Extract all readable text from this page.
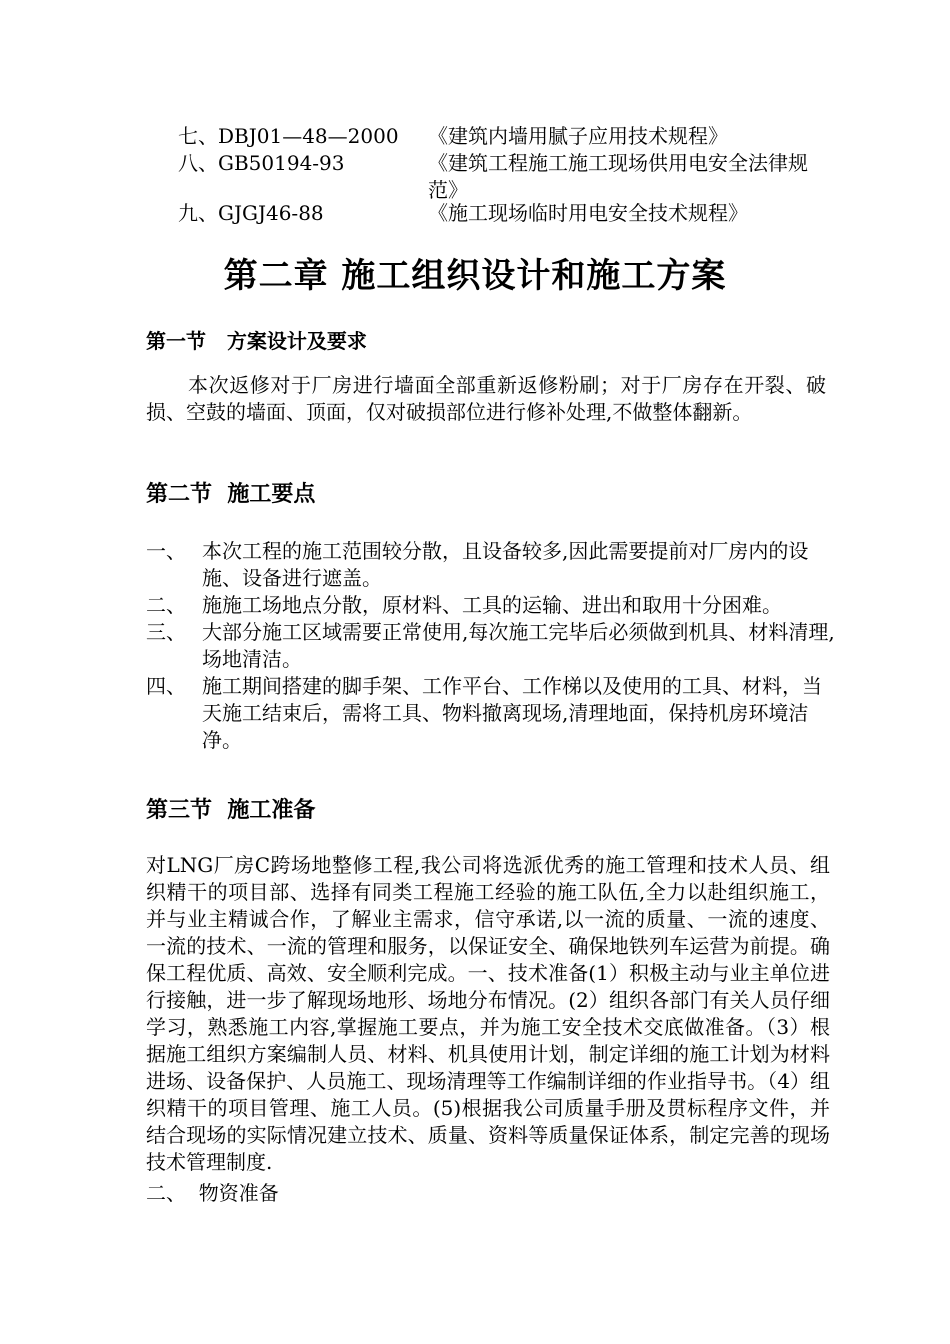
七、DBJ01—48—2000 《建筑内墙用腻子应用技术规程》
八、GB50194-93	《建筑工程施工施工现场供用电安全法律规范》
九、GJGJ46-88	《施工现场临时用电安全技术规程》
第二章 施工组织设计和施工方案
第一节   方案设计及要求
本次返修对于厂房进行墙面全部重新返修粉刷；对于厂房存在开裂、破损、空鼓的墙面、顶面，仅对破损部位进行修补处理,不做整体翻新。
第二节  施工要点
一、 本次工程的施工范围较分散，且设备较多,因此需要提前对厂房内的设施、设备进行遮盖。
二、 施施工场地点分散，原材料、工具的运输、进出和取用十分困难。
三、 大部分施工区域需要正常使用,每次施工完毕后必须做到机具、材料清理,场地清洁。
四、 施工期间搭建的脚手架、工作平台、工作梯以及使用的工具、材料，当天施工结束后，需将工具、物料撤离现场,清理地面，保持机房环境洁净。
第三节  施工准备
对LNG厂房C跨场地整修工程,我公司将选派优秀的施工管理和技术人员、组织精干的项目部、选择有同类工程施工经验的施工队伍,全力以赴组织施工，并与业主精诚合作，了解业主需求，信守承诺,以一流的质量、一流的速度、一流的技术、一流的管理和服务，以保证安全、确保地铁列车运营为前提。确保工程优质、高效、安全顺利完成。一、技术准备(1）积极主动与业主单位进行接触，进一步了解现场地形、场地分布情况。(2）组织各部门有关人员仔细学习，熟悉施工内容,掌握施工要点，并为施工安全技术交底做准备。（3）根据施工组织方案编制人员、材料、机具使用计划，制定详细的施工计划为材料进场、设备保护、人员施工、现场清理等工作编制详细的作业指导书。（4）组织精干的项目管理、施工人员。(5)根据我公司质量手册及贯标程序文件，并结合现场的实际情况建立技术、质量、资料等质量保证体系，制定完善的现场技术管理制度.
二、  物资准备
